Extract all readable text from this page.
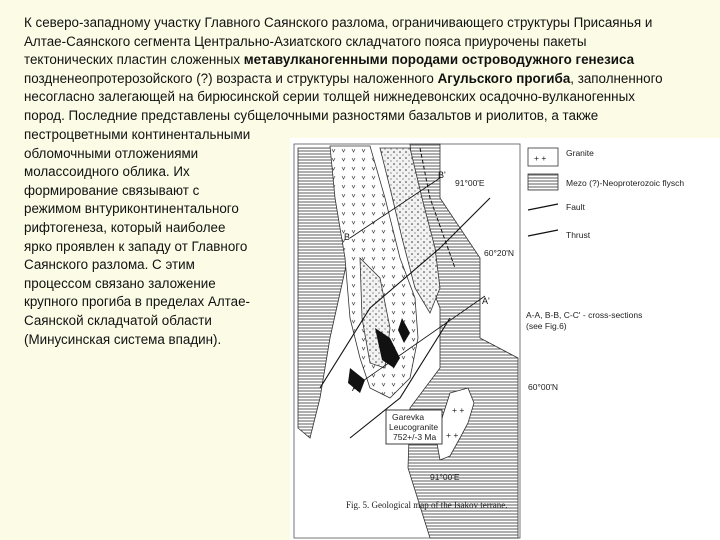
К северо-западному участку Главного Саянского разлома, ограничивающего структуры Присаянья и
Алтае-Саянского сегмента Центрально-Азиатского складчатого пояса приурочены пакеты
тектонических пластин сложенных метавулканогенными породами островодужного генезиса
поздненеопротерозойского (?) возраста и структуры наложенного Агульского прогиба, заполненного
несогласно залегающей на бирюсинской серии толщей нижнедевонских осадочно-вулканогенных
пород. Последние представлены субщелочными разностями базальтов и риолитов, а также
пестроцветными континентальными
обломочными отложениями
молассоидного облика. Их
формирование связывают с
режимом внтуриконтинентального
рифтогенеза, который наиболее
ярко проявлен к западу от Главного
Саянского разлома. С этим
процессом связано заложение
крупного прогиба в пределах Алтае-
Саянской складчатой области
(Минусинская система впадин).
+ +
+ +
B'
91°00'E
B
60°20'N
A'
A	60°00'N
Garevka
Leucogranite
752+/-3 Ma
91°00'E
+ + Granite
Mezo (?)-Neoproterozoic flysch
Fault
Thrust
A-A, B-B, C-C' - cross-sections
(see Fig.6)
Fig. 5. Geological map of the Isakov terrane.
